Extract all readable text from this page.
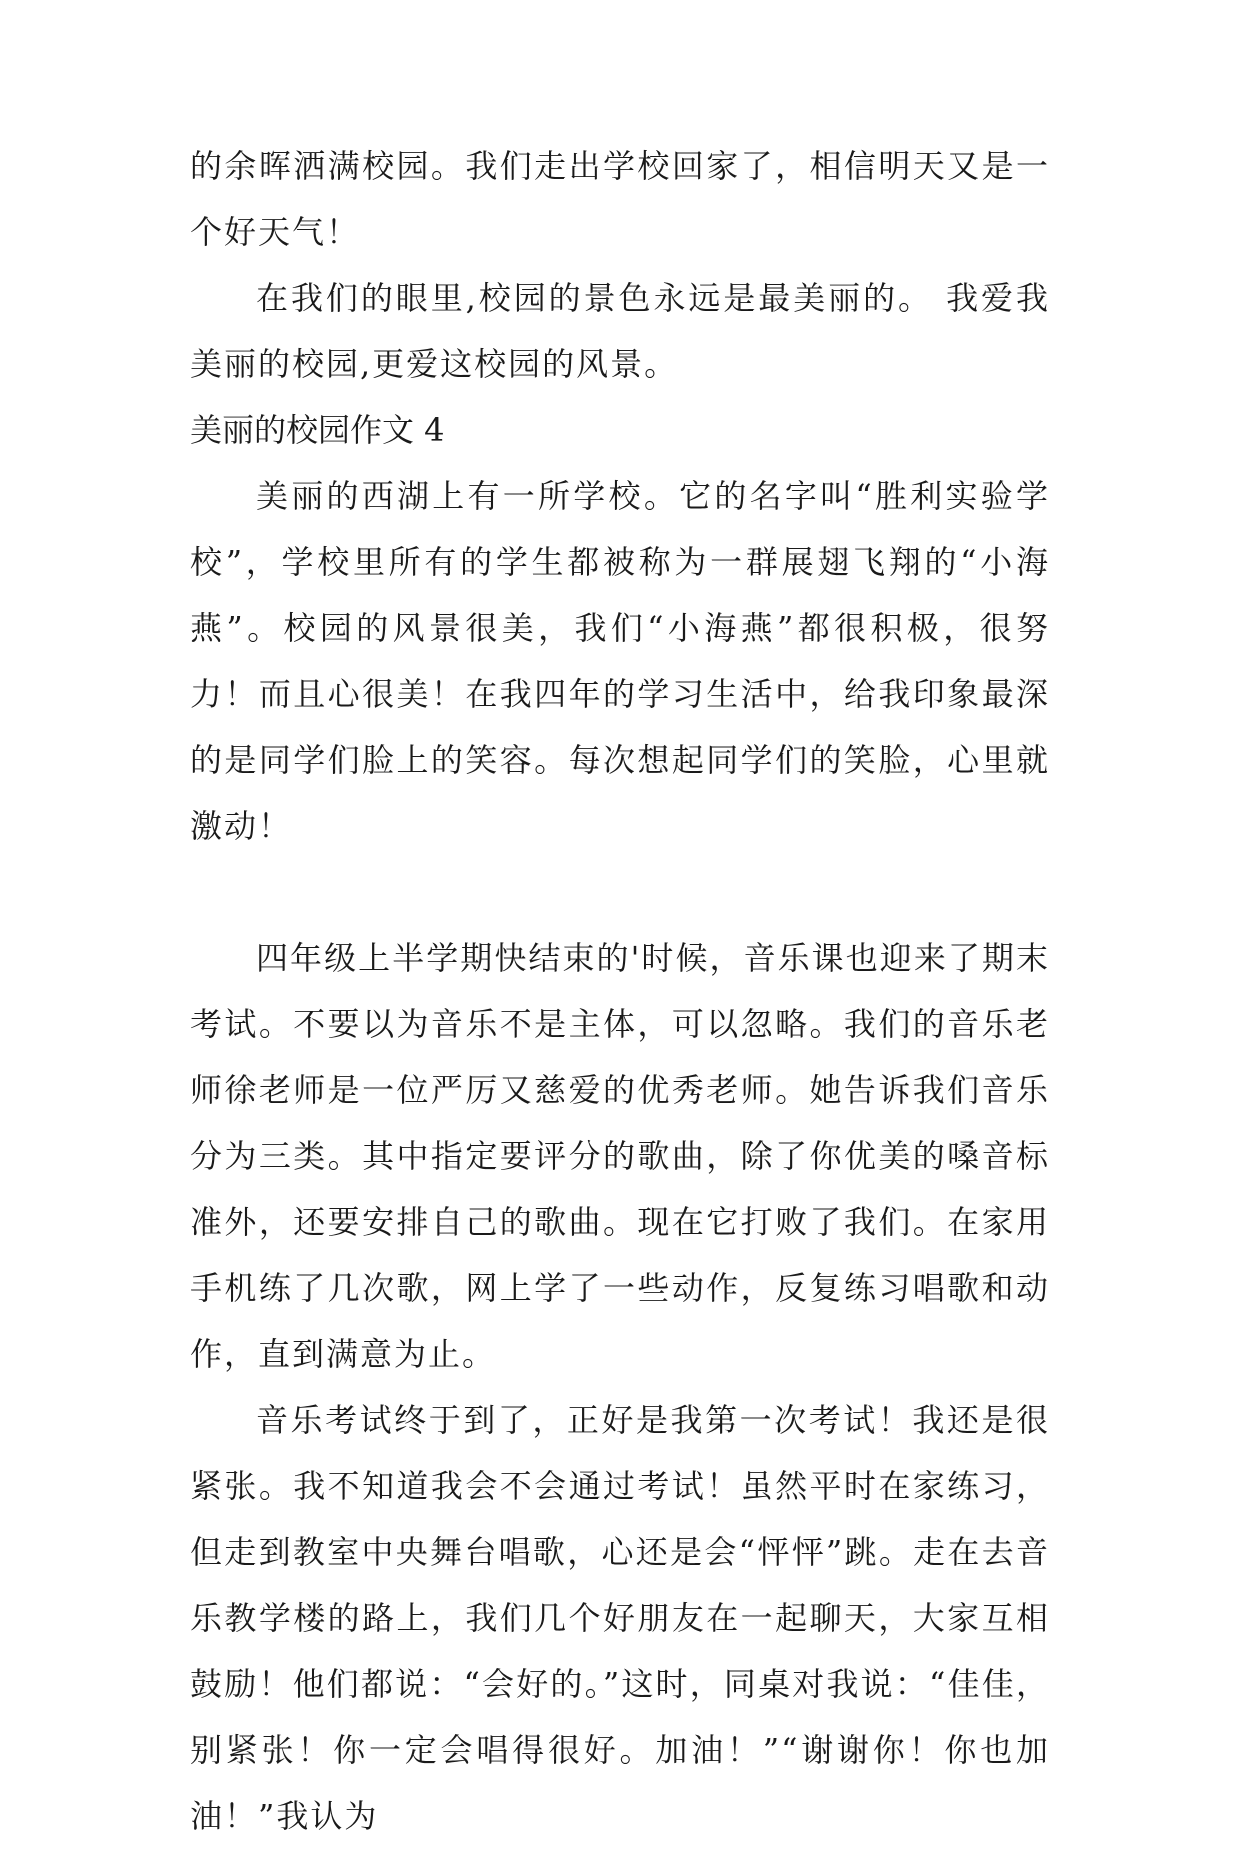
的余晖洒满校园。我们走出学校回家了，相信明天又是一个好天气！

在我们的眼里,校园的景色永远是最美丽的。 我爱我美丽的校园,更爱这校园的风景。

美丽的校园作文 4

美丽的西湖上有一所学校。它的名字叫“胜利实验学校”，学校里所有的学生都被称为一群展翅飞翔的“小海燕”。校园的风景很美，我们“小海燕”都很积极，很努力！而且心很美！在我四年的学习生活中，给我印象最深的是同学们脸上的笑容。每次想起同学们的笑脸，心里就激动！

四年级上半学期快结束的'时候，音乐课也迎来了期末考试。不要以为音乐不是主体，可以忽略。我们的音乐老师徐老师是一位严厉又慈爱的优秀老师。她告诉我们音乐分为三类。其中指定要评分的歌曲，除了你优美的嗓音标准外，还要安排自己的歌曲。现在它打败了我们。在家用手机练了几次歌，网上学了一些动作，反复练习唱歌和动作，直到满意为止。

音乐考试终于到了，正好是我第一次考试！我还是很紧张。我不知道我会不会通过考试！虽然平时在家练习，但走到教室中央舞台唱歌，心还是会“怦怦”跳。走在去音乐教学楼的路上，我们几个好朋友在一起聊天，大家互相鼓励！他们都说：“会好的。”这时，同桌对我说：“佳佳，别紧张！你一定会唱得很好。加油！”“谢谢你！你也加油！”我认为
